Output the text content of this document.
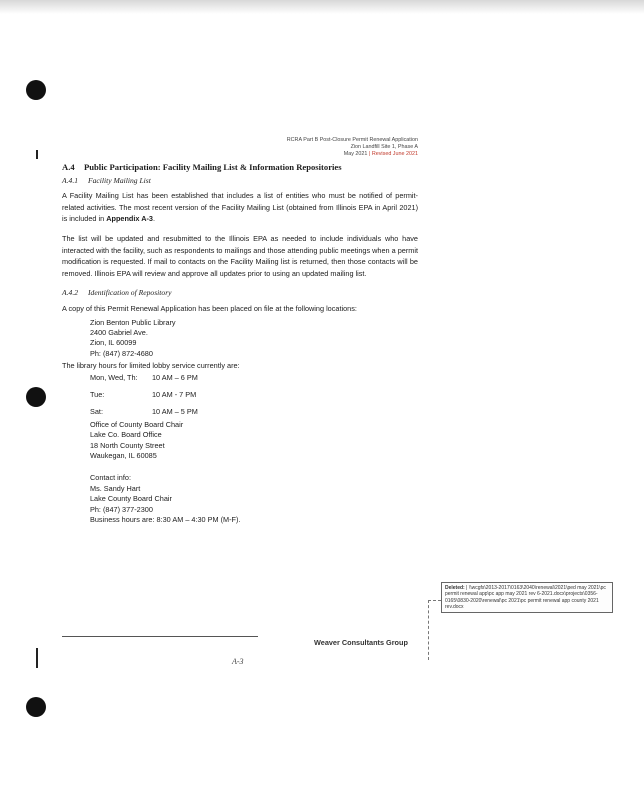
RCRA Part B Post-Closure Permit Renewal Application
Zion Landfill Site 1, Phase A
May 2021 | Revised June 2021
A.4 Public Participation: Facility Mailing List & Information Repositories
A.4.1 Facility Mailing List

A Facility Mailing List has been established that includes a list of entities who must be notified of permit-related activities. The most recent version of the Facility Mailing List (obtained from Illinois EPA in April 2021) is included in Appendix A-3.

The list will be updated and resubmitted to the Illinois EPA as needed to include individuals who have interacted with the facility, such as respondents to mailings and those attending public meetings when a permit modification is requested. If mail to contacts on the Facility Mailing list is returned, then those contacts will be removed. Illinois EPA will review and approve all updates prior to using an updated mailing list.

A.4.2 Identification of Repository

A copy of this Permit Renewal Application has been placed on file at the following locations:

Zion Benton Public Library
2400 Gabriel Ave.
Zion, IL 60099
Ph: (847) 872-4680
The library hours for limited lobby service currently are:
Mon, Wed, Th:	10 AM – 6 PM
Tue:	10 AM - 7 PM
Sat:	10 AM – 5 PM
Office of County Board Chair
Lake Co. Board Office
18 North County Street
Waukegan, IL 60085
Contact info:
Ms. Sandy Hart
Lake County Board Chair
Ph: (847) 377-2300
Business hours are: 8:30 AM – 4:30 PM (M-F).
Deleted: | \\wcgfs\2013-2017\0163\2040\renewal\2021\ped may 2021\pc permit renewal app\pc app may 2021 rev 6-2021.docx\projects\0356-0165\0830-2020\renewal\pc 2021\pc permit renewal app county 2021 rev.docx
Weaver Consultants Group
A-3
